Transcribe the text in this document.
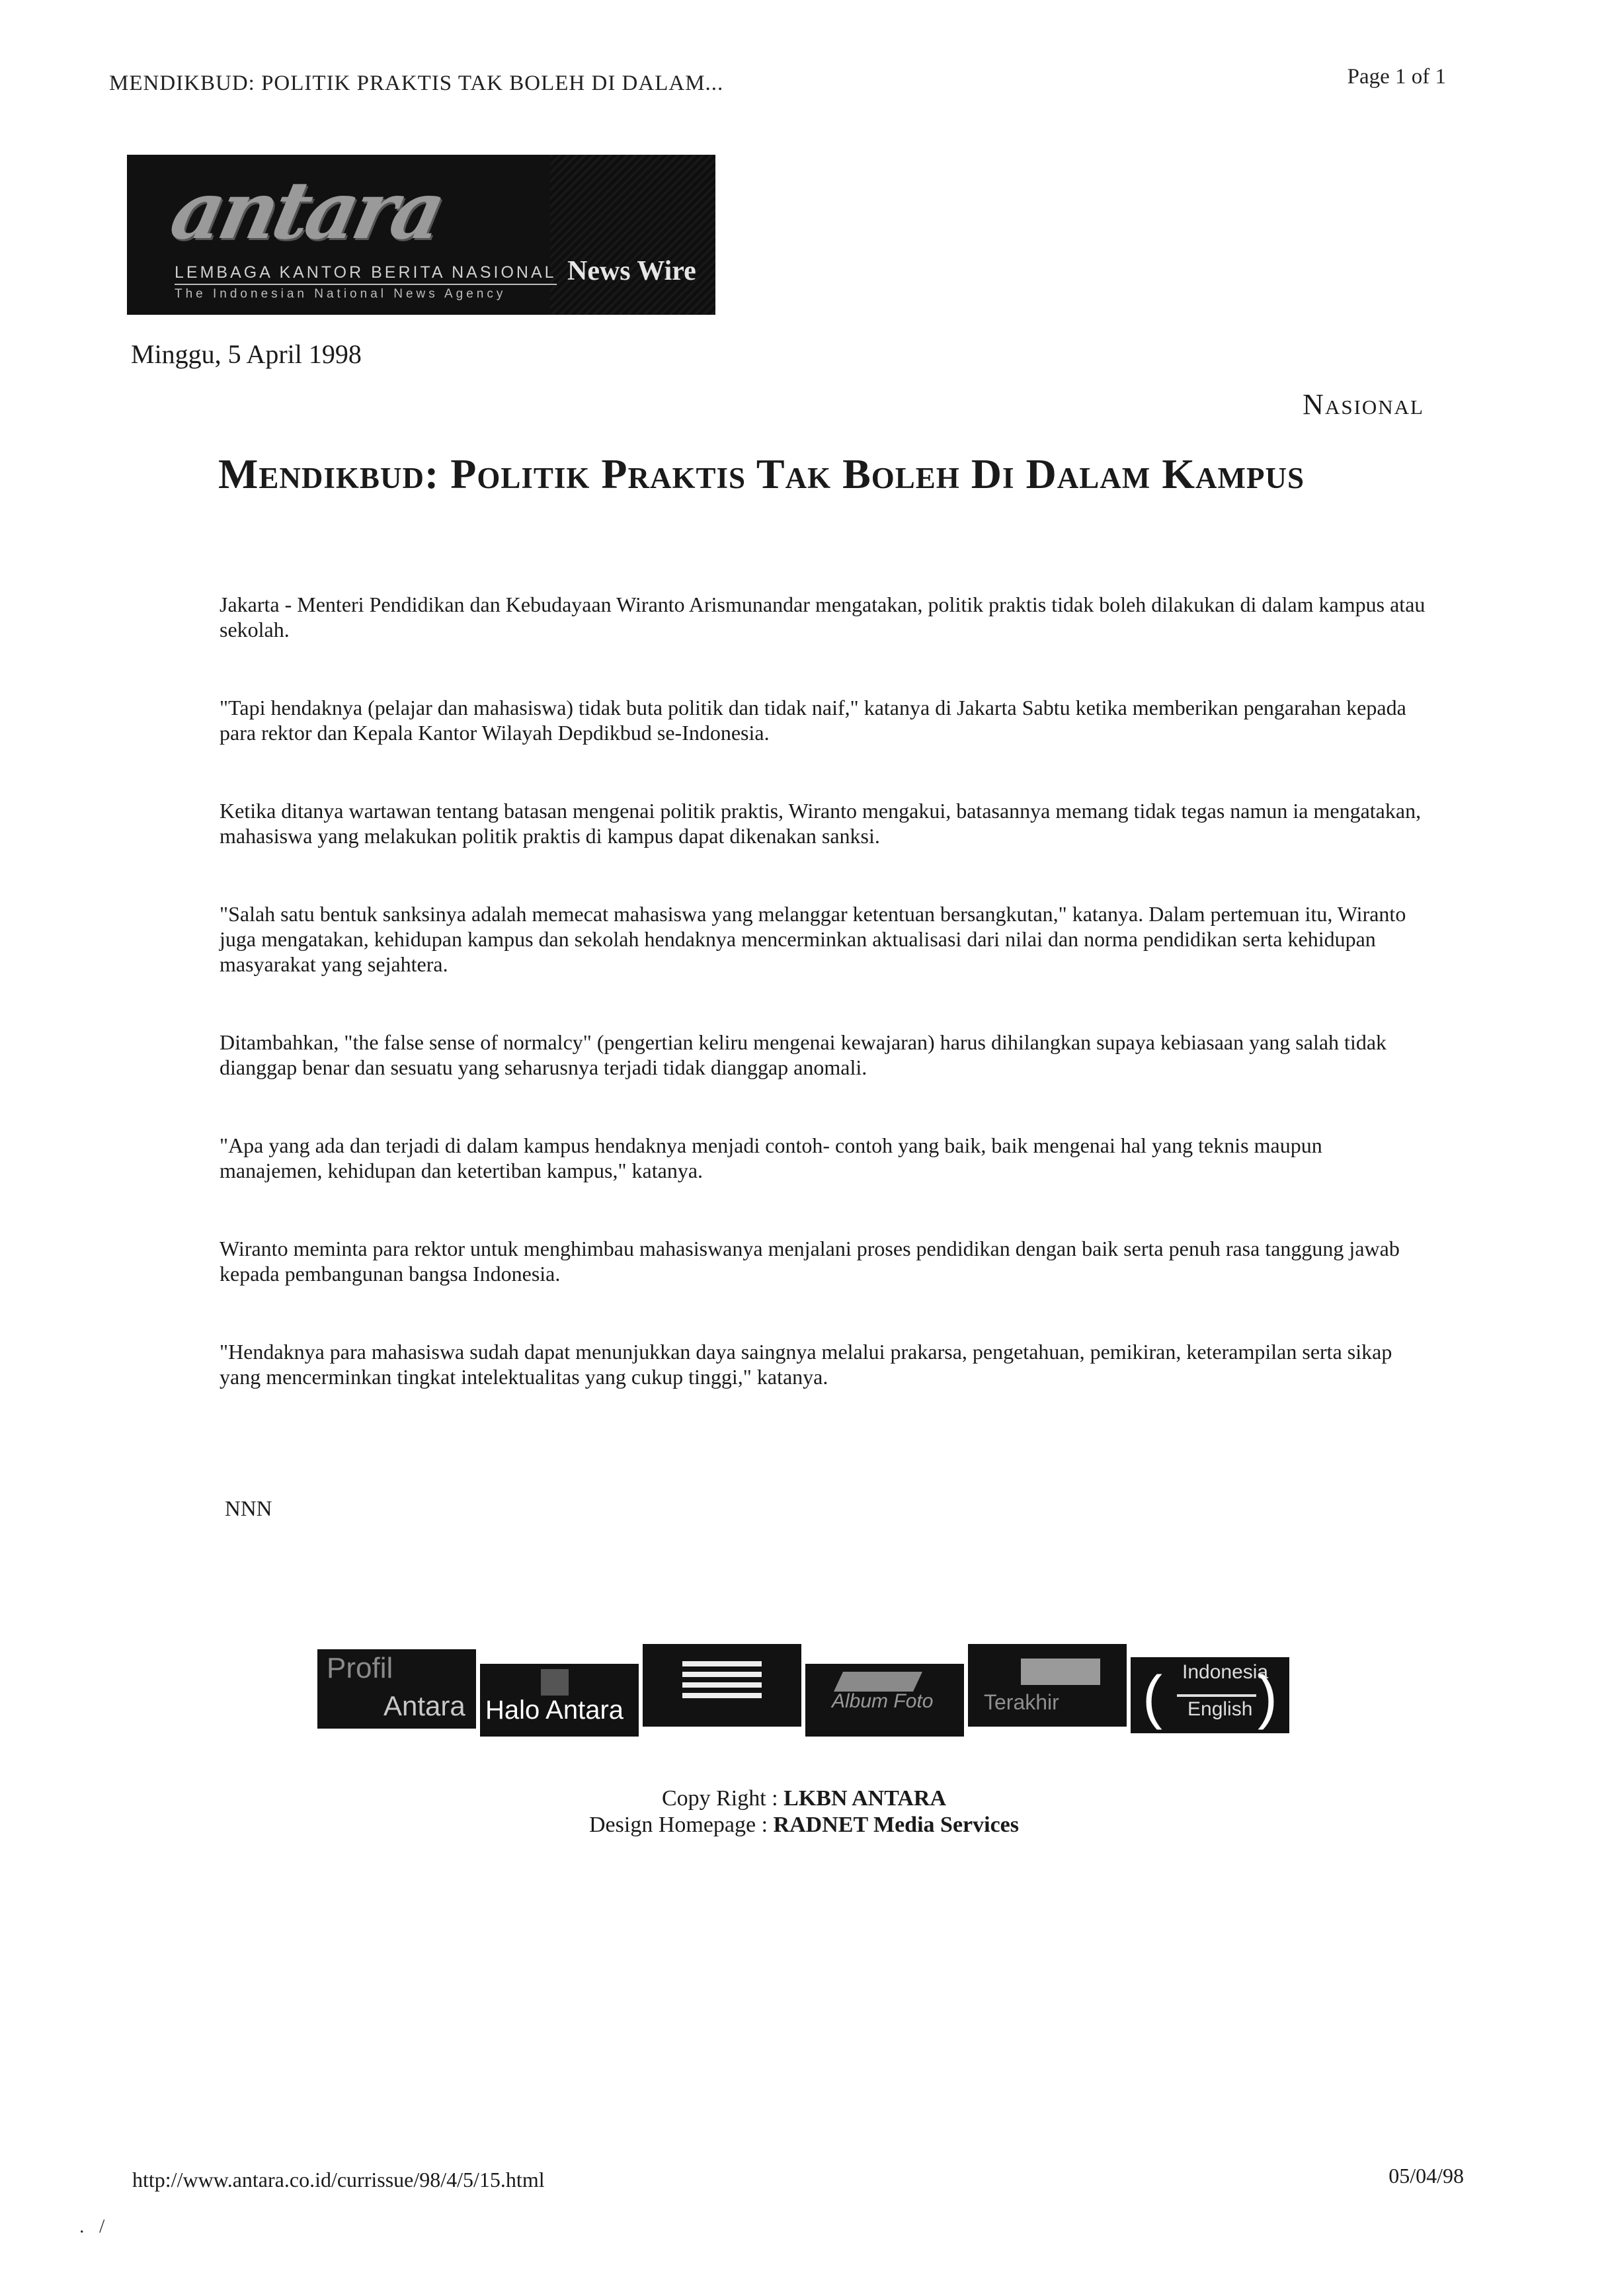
MENDIKBUD: POLITIK PRAKTIS TAK BOLEH DI DALAM...	Page 1 of 1
antara
LEMBAGA KANTOR BERITA NASIONAL
The Indonesian National News Agency
News Wire
Minggu, 5 April 1998
Nasional
Mendikbud: Politik Praktis Tak Boleh Di Dalam Kampus

Jakarta - Menteri Pendidikan dan Kebudayaan Wiranto Arismunandar mengatakan, politik praktis tidak boleh dilakukan di dalam kampus atau sekolah.

"Tapi hendaknya (pelajar dan mahasiswa) tidak buta politik dan tidak naif," katanya di Jakarta Sabtu ketika memberikan pengarahan kepada para rektor dan Kepala Kantor Wilayah Depdikbud se-Indonesia.

Ketika ditanya wartawan tentang batasan mengenai politik praktis, Wiranto mengakui, batasannya memang tidak tegas namun ia mengatakan, mahasiswa yang melakukan politik praktis di kampus dapat dikenakan sanksi.

"Salah satu bentuk sanksinya adalah memecat mahasiswa yang melanggar ketentuan bersangkutan," katanya. Dalam pertemuan itu, Wiranto juga mengatakan, kehidupan kampus dan sekolah hendaknya mencerminkan aktualisasi dari nilai dan norma pendidikan serta kehidupan masyarakat yang sejahtera.

Ditambahkan, "the false sense of normalcy" (pengertian keliru mengenai kewajaran) harus dihilangkan supaya kebiasaan yang salah tidak dianggap benar dan sesuatu yang seharusnya terjadi tidak dianggap anomali.

"Apa yang ada dan terjadi di dalam kampus hendaknya menjadi contoh- contoh yang baik, baik mengenai hal yang teknis maupun manajemen, kehidupan dan ketertiban kampus," katanya.

Wiranto meminta para rektor untuk menghimbau mahasiswanya menjalani proses pendidikan dengan baik serta penuh rasa tanggung jawab kepada pembangunan bangsa Indonesia.

"Hendaknya para mahasiswa sudah dapat menunjukkan daya saingnya melalui prakarsa, pengetahuan, pemikiran, keterampilan serta sikap yang mencerminkan tingkat intelektualitas yang cukup tinggi," katanya.

NNN
Profil
Antara Halo Antara	Album Foto Terakhir ( Indonesia
English )
Copy Right : LKBN ANTARA
Design Homepage : RADNET Media Services
http://www.antara.co.id/currissue/98/4/5/15.html	05/04/98
.   /
